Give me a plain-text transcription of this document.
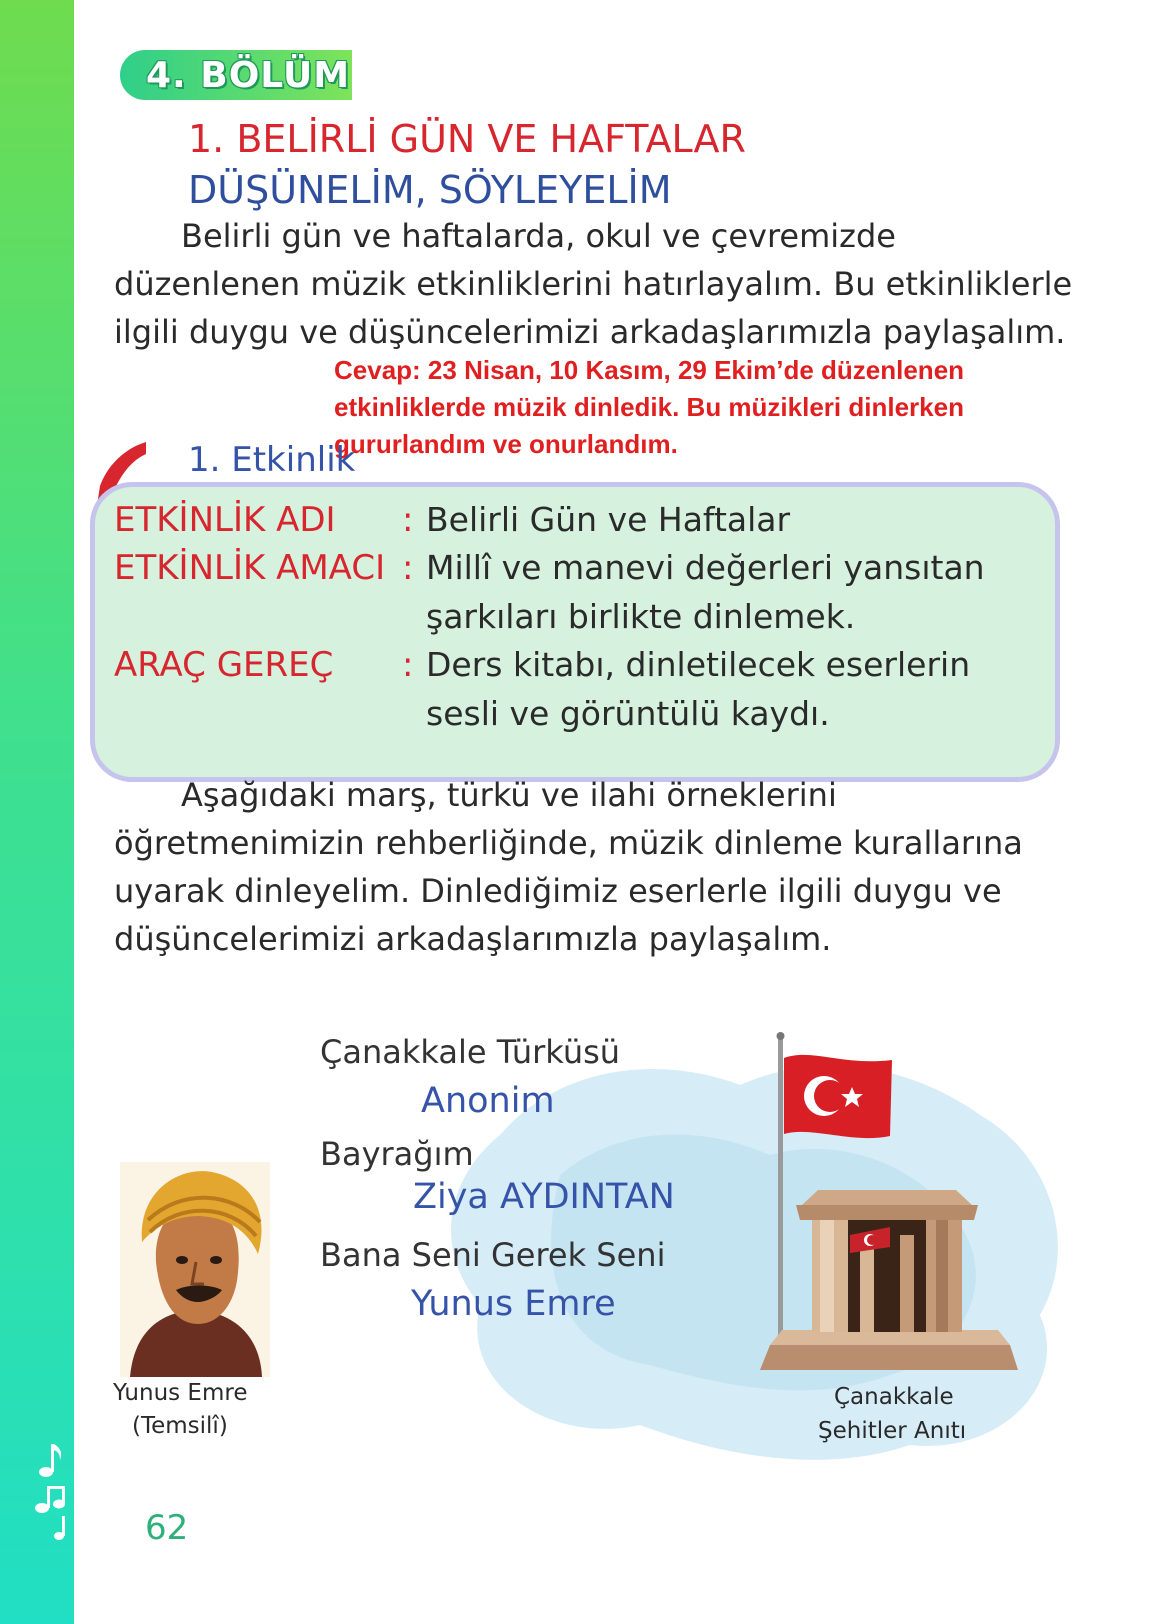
4. BÖLÜM
1. BELİRLİ GÜN VE HAFTALAR
DÜŞÜNELİM, SÖYLEYELİM
Belirli gün ve haftalarda, okul ve çevremizde
düzenlenen müzik etkinliklerini hatırlayalım. Bu etkinliklerle
ilgili duygu ve düşüncelerimizi arkadaşlarımızla paylaşalım.
Cevap: 23 Nisan, 10 Kasım, 29 Ekim’de düzenlenen
etkinliklerde müzik dinledik. Bu müzikleri dinlerken
gururlandım ve onurlandım.
1. Etkinlik
ETKİNLİK ADI : Belirli Gün ve Haftalar
ETKİNLİK AMACI : Millî ve manevi değerleri yansıtan
şarkıları birlikte dinlemek.
ARAÇ GEREÇ : Ders kitabı, dinletilecek eserlerin
sesli ve görüntülü kaydı.
Aşağıdaki marş, türkü ve ilahi örneklerini
öğretmenimizin rehberliğinde, müzik dinleme kurallarına
uyarak dinleyelim. Dinlediğimiz eserlerle ilgili duygu ve
düşüncelerimizi arkadaşlarımızla paylaşalım.
Çanakkale Türküsü
Anonim
Bayrağım
Ziya AYDINTAN
Bana Seni Gerek Seni
Yunus Emre
Yunus Emre
(Temsilî)
Çanakkale
Şehitler Anıtı
62
